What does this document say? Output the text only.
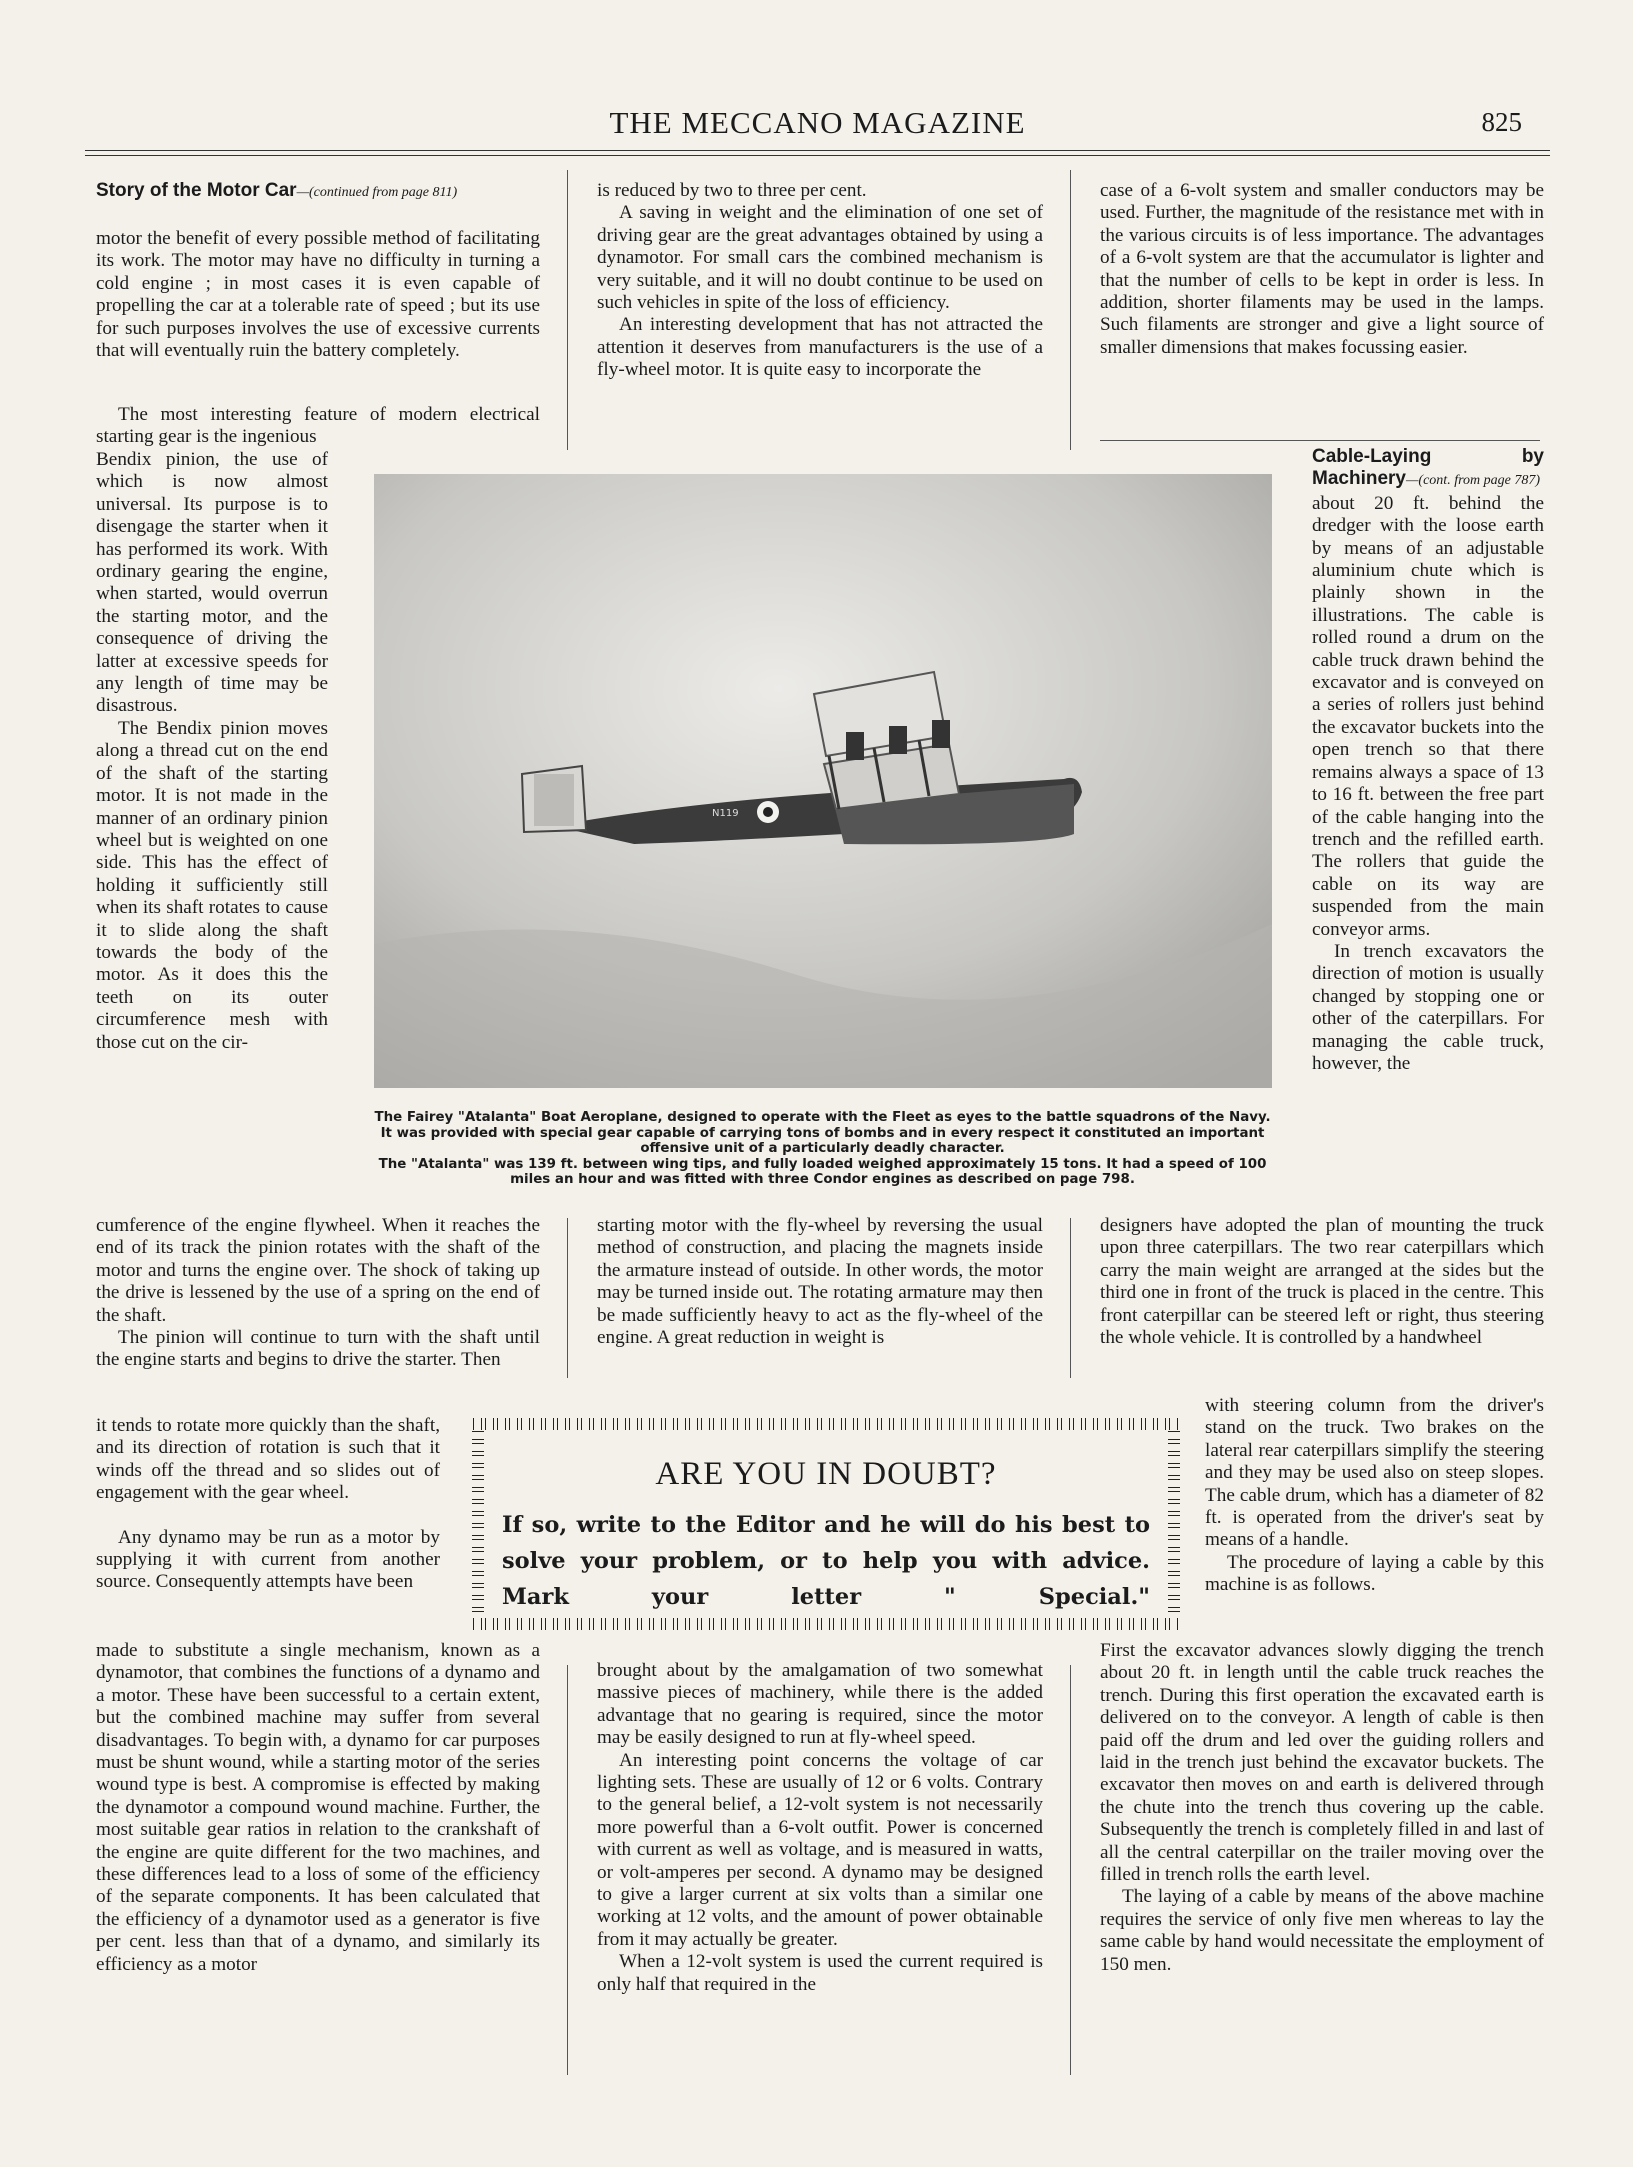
THE MECCANO MAGAZINE	825

Story of the Motor Car—(continued from page 811)

motor the benefit of every possible method of facilitating its work. The motor may have no difficulty in turning a cold engine ; in most cases it is even capable of propelling the car at a tolerable rate of speed ; but its use for such purposes involves the use of excessive currents that will eventually ruin the battery completely.

The most interesting feature of modern electrical starting gear is the ingenious

Bendix pinion, the use of which is now almost universal. Its purpose is to disengage the starter when it has performed its work. With ordinary gearing the engine, when started, would overrun the starting motor, and the consequence of driving the latter at excessive speeds for any length of time may be disastrous.

The Bendix pinion moves along a thread cut on the end of the shaft of the starting motor. It is not made in the manner of an ordinary pinion wheel but is weighted on one side. This has the effect of holding it sufficiently still when its shaft rotates to cause it to slide along the shaft towards the body of the motor. As it does this the teeth on its outer circumference mesh with those cut on the cir-

cumference of the engine flywheel. When it reaches the end of its track the pinion rotates with the shaft of the motor and turns the engine over. The shock of taking up the drive is lessened by the use of a spring on the end of the shaft.

The pinion will continue to turn with the shaft until the engine starts and begins to drive the starter. Then

it tends to rotate more quickly than the shaft, and its direction of rotation is such that it winds off the thread and so slides out of engagement with the gear wheel.

Any dynamo may be run as a motor by supplying it with current from another source. Consequently attempts have been

made to substitute a single mechanism, known as a dynamotor, that combines the functions of a dynamo and a motor. These have been successful to a certain extent, but the combined machine may suffer from several disadvantages. To begin with, a dynamo for car purposes must be shunt wound, while a starting motor of the series wound type is best. A compromise is effected by making the dynamotor a compound wound machine. Further, the most suitable gear ratios in relation to the crankshaft of the engine are quite different for the two machines, and these differences lead to a loss of some of the efficiency of the separate components. It has been calculated that the efficiency of a dynamotor used as a generator is five per cent. less than that of a dynamo, and similarly its efficiency as a motor

is reduced by two to three per cent.

A saving in weight and the elimination of one set of driving gear are the great advantages obtained by using a dynamotor. For small cars the combined mechanism is very suitable, and it will no doubt continue to be used on such vehicles in spite of the loss of efficiency.

An interesting development that has not attracted the attention it deserves from manufacturers is the use of a fly-wheel motor. It is quite easy to incorporate the

starting motor with the fly-wheel by reversing the usual method of construction, and placing the magnets inside the armature instead of outside. In other words, the motor may be turned inside out. The rotating armature may then be made sufficiently heavy to act as the fly-wheel of the engine. A great reduction in weight is

brought about by the amalgamation of two somewhat massive pieces of machinery, while there is the added advantage that no gearing is required, since the motor may be easily designed to run at fly-wheel speed.

An interesting point concerns the voltage of car lighting sets. These are usually of 12 or 6 volts. Contrary to the general belief, a 12-volt system is not necessarily more powerful than a 6-volt outfit. Power is concerned with current as well as voltage, and is measured in watts, or volt-amperes per second. A dynamo may be designed to give a larger current at six volts than a similar one working at 12 volts, and the amount of power obtainable from it may actually be greater.

When a 12-volt system is used the current required is only half that required in the

case of a 6-volt system and smaller conductors may be used. Further, the magnitude of the resistance met with in the various circuits is of less importance. The advantages of a 6-volt system are that the accumulator is lighter and that the number of cells to be kept in order is less. In addition, shorter filaments may be used in the lamps. Such filaments are stronger and give a light source of smaller dimensions that makes focussing easier.

Cable-Laying by Machinery—(cont. from page 787)

about 20 ft. behind the dredger with the loose earth by means of an adjustable aluminium chute which is plainly shown in the illustrations. The cable is rolled round a drum on the cable truck drawn behind the excavator and is conveyed on a series of rollers just behind the excavator buckets into the open trench so that there remains always a space of 13 to 16 ft. between the free part of the cable hanging into the trench and the refilled earth. The rollers that guide the cable on its way are suspended from the main conveyor arms.

In trench excavators the direction of motion is usually changed by stopping one or other of the caterpillars. For managing the cable truck, however, the

designers have adopted the plan of mounting the truck upon three caterpillars. The two rear caterpillars which carry the main weight are arranged at the sides but the third one in front of the truck is placed in the centre. This front caterpillar can be steered left or right, thus steering the whole vehicle. It is controlled by a handwheel

with steering column from the driver's stand on the truck. Two brakes on the lateral rear caterpillars simplify the steering and they may be used also on steep slopes. The cable drum, which has a diameter of 82 ft. is operated from the driver's seat by means of a handle.

The procedure of laying a cable by this machine is as follows.

First the excavator advances slowly digging the trench about 20 ft. in length until the cable truck reaches the trench. During this first operation the excavated earth is delivered on to the conveyor. A length of cable is then paid off the drum and led over the guiding rollers and laid in the trench just behind the excavator buckets. The excavator then moves on and earth is delivered through the chute into the trench thus covering up the cable. Subsequently the trench is completely filled in and last of all the central caterpillar on the trailer moving over the filled in trench rolls the earth level.

The laying of a cable by means of the above machine requires the service of only five men whereas to lay the same cable by hand would necessitate the employment of 150 men.

N119

The Fairey "Atalanta" Boat Aeroplane, designed to operate with the Fleet as eyes to the battle squadrons of the Navy. It was provided with special gear capable of carrying tons of bombs and in every respect it constituted an important offensive unit of a particularly deadly character.

The "Atalanta" was 139 ft. between wing tips, and fully loaded weighed approximately 15 tons. It had a speed of 100 miles an hour and was fitted with three Condor engines as described on page 798.

ARE YOU IN DOUBT?
If so, write to the Editor and he will do his best to solve your problem, or to help you with advice. Mark your letter " Special."
